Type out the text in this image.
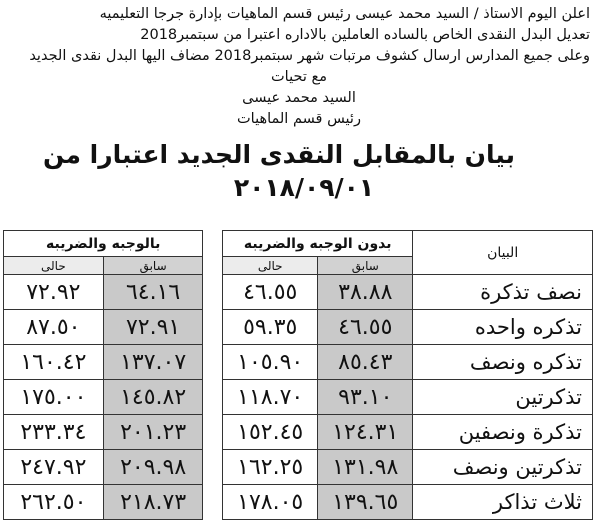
اعلن اليوم الاستاذ / السيد محمد عيسى رئيس قسم الماهيات بإدارة جرجا التعليميه
تعديل البدل النقدى الخاص بالساده العاملين بالاداره اعتبرا من سبتمبر2018
وعلى جميع المدارس ارسال كشوف مرتبات شهر سبتمبر2018 مضاف اليها البدل نقدى الجديد
مع تحيات
السيد محمد عيسى
رئيس قسم الماهيات
بيان بالمقابل النقدى الجديد اعتبارا من
٢٠١٨/٠٩/٠١
البيان	بدون الوجبه والضريبه			بالوجبه والضريبه	
	سابق	حالى		سابق	حالى
نصف تذكرة	٣٨.٨٨	٤٦.٥٥		٦٤.١٦	٧٢.٩٢
تذكره واحده	٤٦.٥٥	٥٩.٣٥		٧٢.٩١	٨٧.٥٠
تذكره ونصف	٨٥.٤٣	١٠٥.٩٠		١٣٧.٠٧	١٦٠.٤٢
تذكرتين	٩٣.١٠	١١٨.٧٠		١٤٥.٨٢	١٧٥.٠٠
تذكرة ونصفين	١٢٤.٣١	١٥٢.٤٥		٢٠١.٢٣	٢٣٣.٣٤
تذكرتين ونصف	١٣١.٩٨	١٦٢.٢٥		٢٠٩.٩٨	٢٤٧.٩٢
ثلاث تذاكر	١٣٩.٦٥	١٧٨.٠٥		٢١٨.٧٣	٢٦٢.٥٠
